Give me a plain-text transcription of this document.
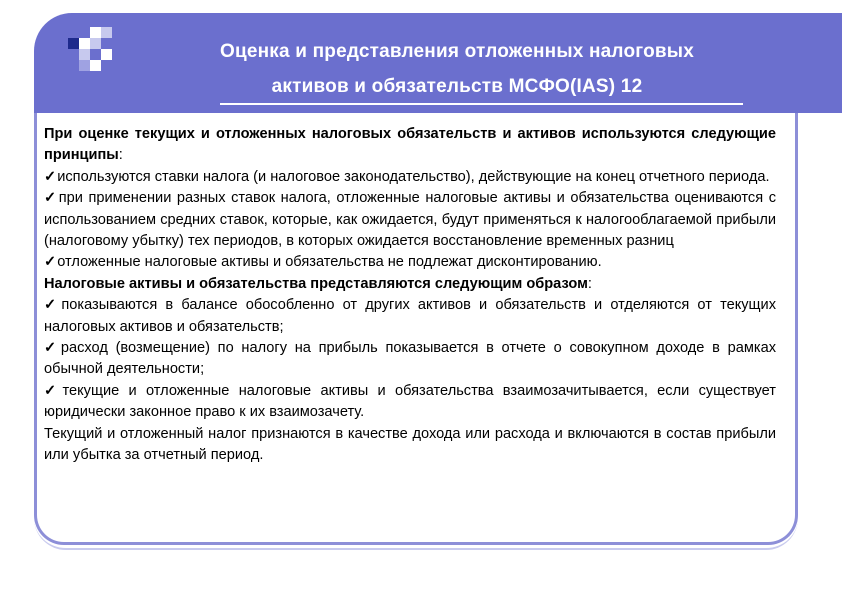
Оценка и представления отложенных налоговых
активов и обязательств МСФО(IAS) 12

При оценке текущих и отложенных налоговых обязательств и активов используются следующие принципы:

✓ используются ставки налога (и налоговое законодательство), действующие на конец отчетного периода.

✓ при применении разных ставок налога, отложенные налоговые активы и обязательства оцениваются с использованием средних ставок, которые, как ожидается, будут применяться к налогооблагаемой прибыли (налоговому убытку) тех периодов, в которых ожидается восстановление временных разниц

✓ отложенные налоговые активы и обязательства не подлежат дисконтированию.

Налоговые активы и обязательства представляются следующим образом:

✓ показываются в балансе обособленно от других активов и обязательств и отделяются от текущих налоговых активов и обязательств;

✓ расход (возмещение) по налогу на прибыль показывается в отчете о совокупном доходе в рамках обычной деятельности;

✓ текущие и отложенные налоговые активы и обязательства взаимозачитывается, если существует юридически законное право к их взаимозачету.

Текущий и отложенный налог признаются в качестве дохода или расхода и включаются в состав прибыли или убытка за отчетный период.
